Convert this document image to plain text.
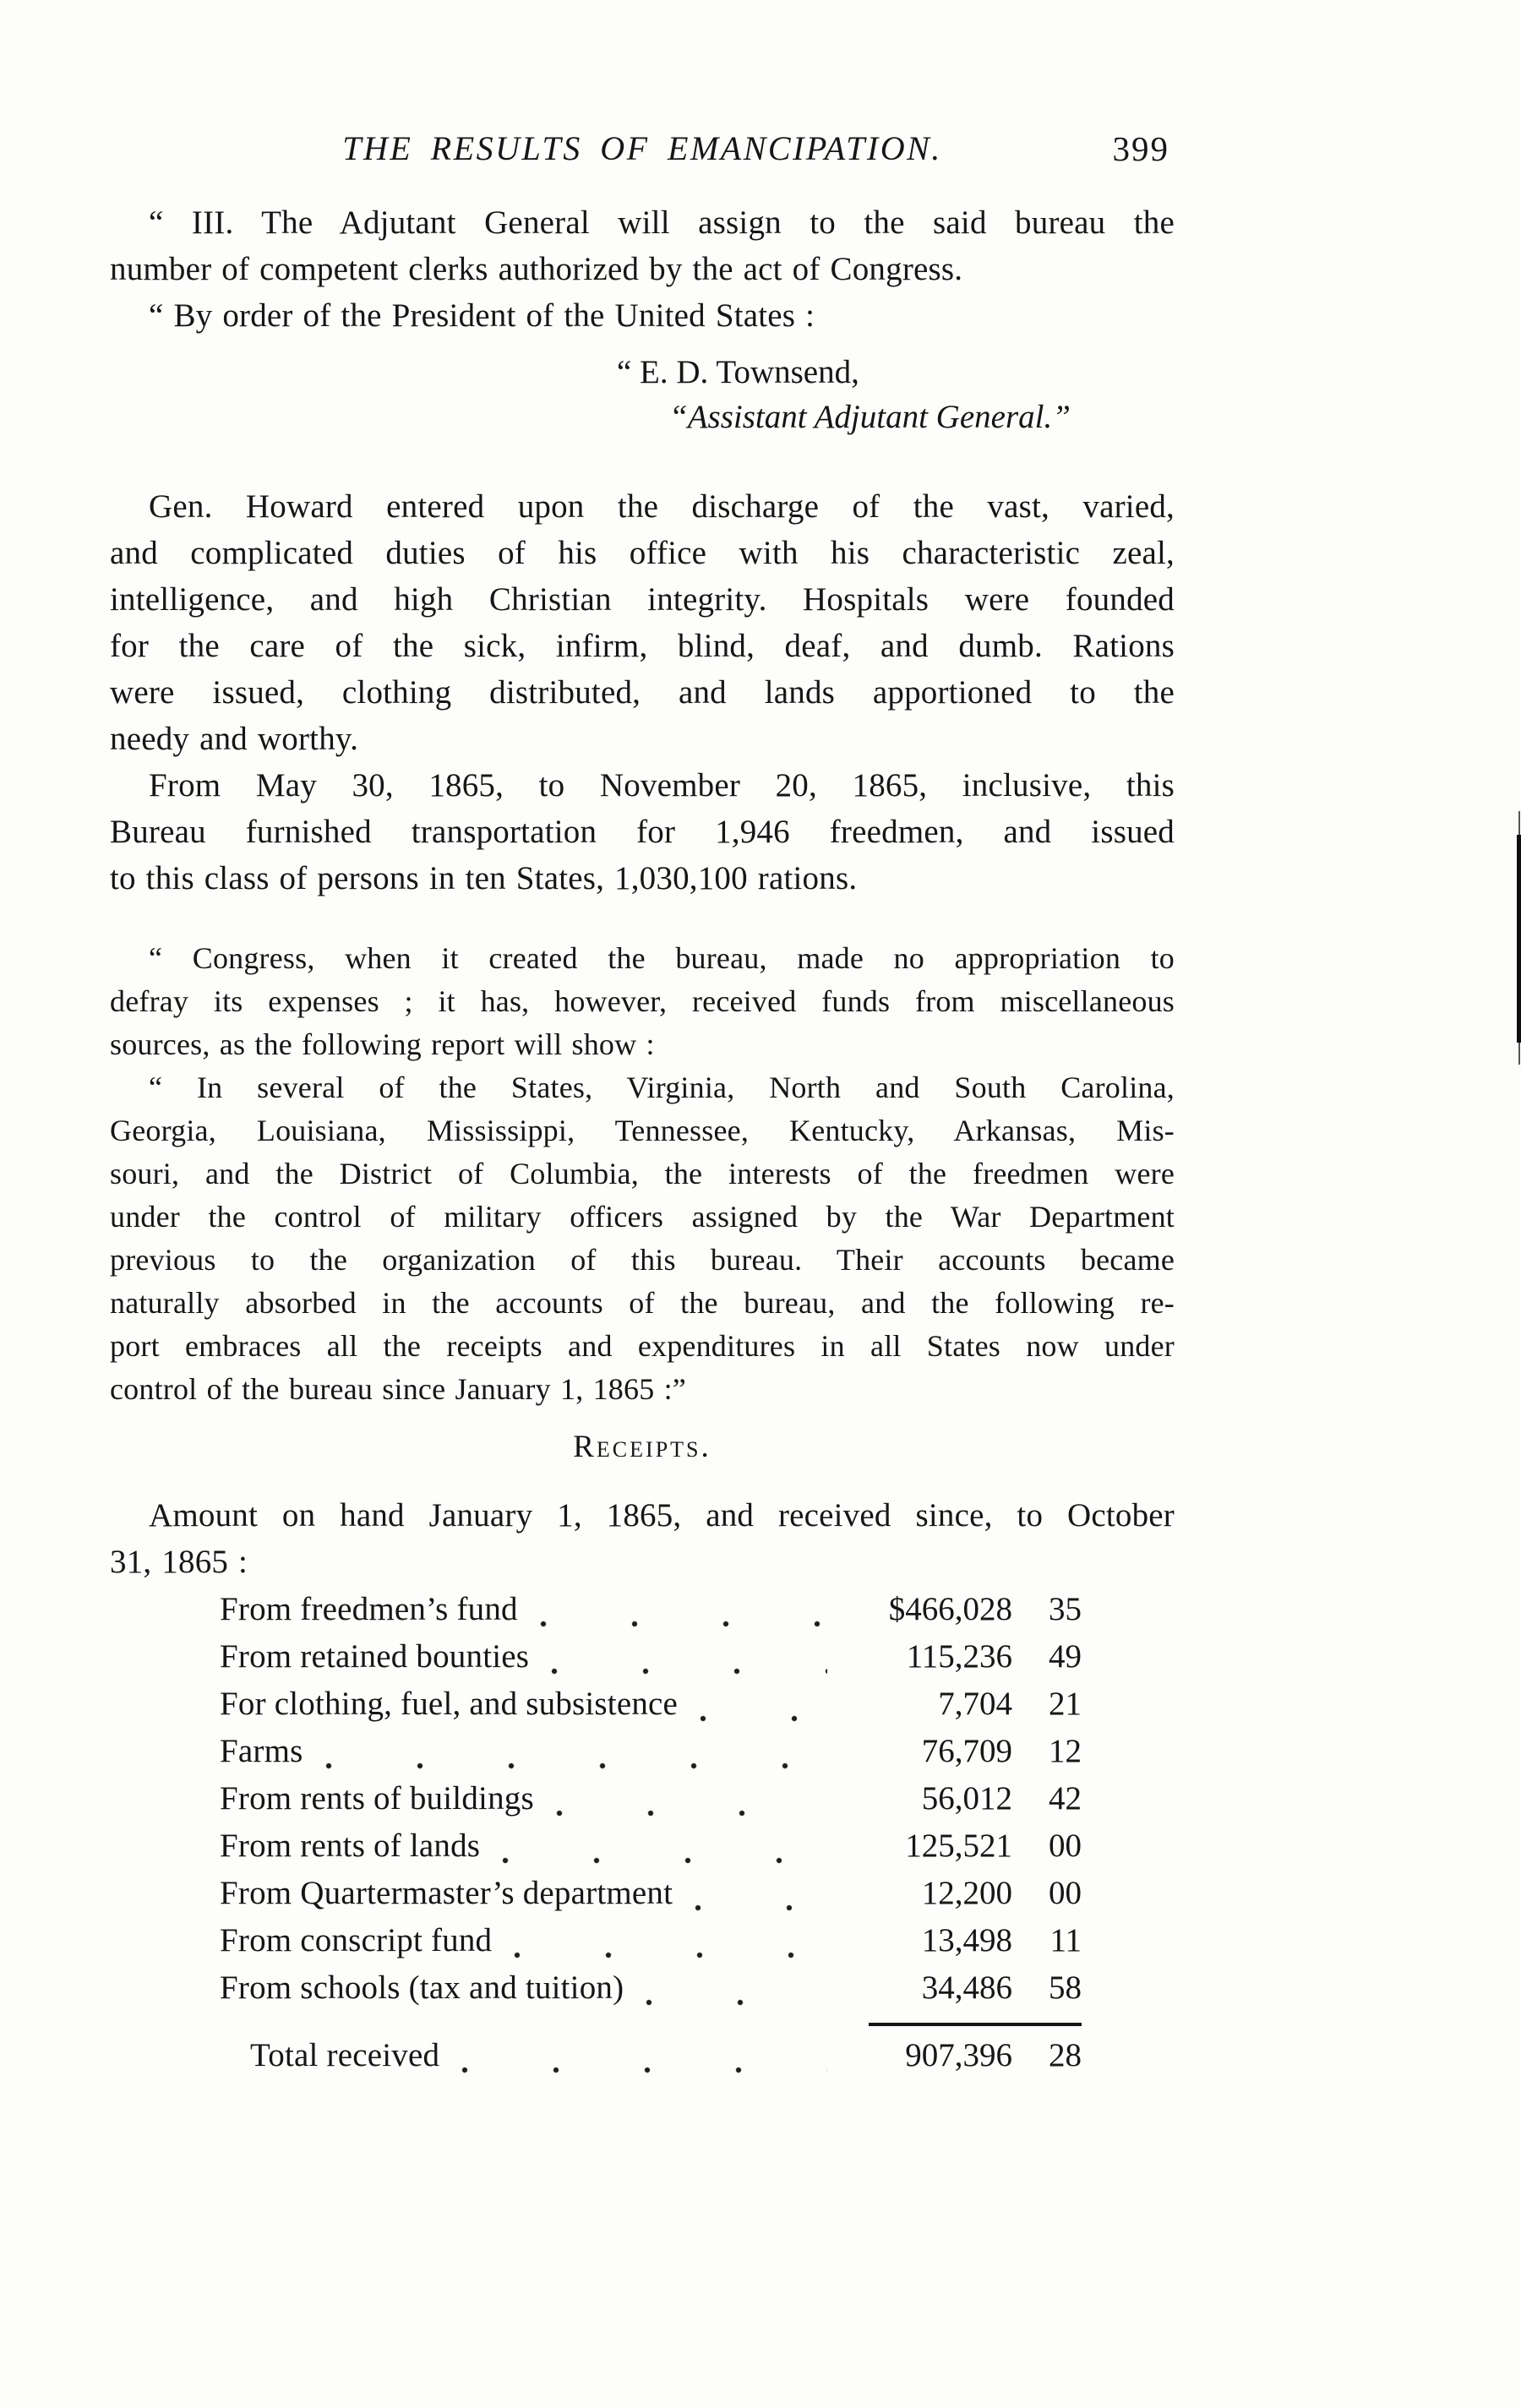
THE RESULTS OF EMANCIPATION.	399
“ III. The Adjutant General will assign to the said bureau the
number of competent clerks authorized by the act of Congress.
“ By order of the President of the United States :
“ E. D. Townsend,
“Assistant Adjutant General.”
Gen. Howard entered upon the discharge of the vast, varied,
and complicated duties of his office with his characteristic zeal,
intelligence, and high Christian integrity. Hospitals were founded
for the care of the sick, infirm, blind, deaf, and dumb. Rations
were issued, clothing distributed, and lands apportioned to the
needy and worthy.
From May 30, 1865, to November 20, 1865, inclusive, this
Bureau furnished transportation for 1,946 freedmen, and issued
to this class of persons in ten States, 1,030,100 rations.
“ Congress, when it created the bureau, made no appropriation to
defray its expenses ; it has, however, received funds from miscellaneous
sources, as the following report will show :
“ In several of the States, Virginia, North and South Carolina,
Georgia, Louisiana, Mississippi, Tennessee, Kentucky, Arkansas, Mis-
souri, and the District of Columbia, the interests of the freedmen were
under the control of military officers assigned by the War Department
previous to the organization of this bureau. Their accounts became
naturally absorbed in the accounts of the bureau, and the following re-
port embraces all the receipts and expenditures in all States now under
control of the bureau since January 1, 1865 :”
Receipts.
Amount on hand January 1, 1865, and received since, to October
31, 1865 :
From freedmen’s fund	$466,028	35
From retained bounties	115,236	49
For clothing, fuel, and subsistence	7,704	21
Farms	76,709	12
From rents of buildings	56,012	42
From rents of lands	125,521	00
From Quartermaster’s department	12,200	00
From conscript fund	13,498	11
From schools (tax and tuition)	34,486	58
Total received	907,396	28
